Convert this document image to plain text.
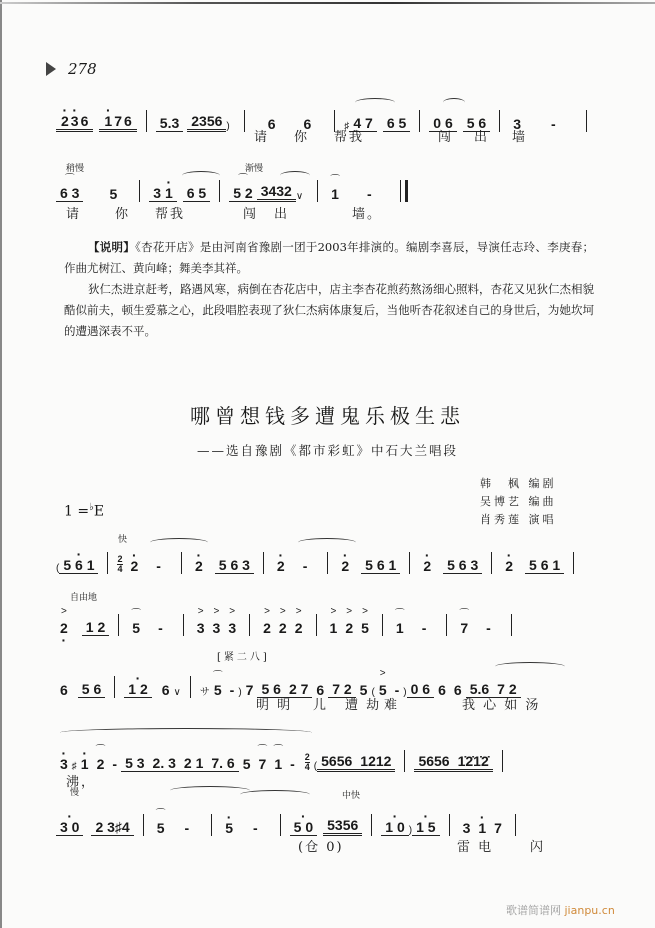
278
· 2 · 3 6	· 1 7 6	5.3 2356 )	6 6	♯ 4 7 6 5 0 6 5 6 3 -
请 你 帮我	闯 出 墙
稍慢	渐慢
⌒ 6 3 5	3 · 1 6 5 ⌒ 5 2 3432 ∨ ⌒ 1 -
请	你 帮我	闯 出	墙。
【说明】《杏花开店》是由河南省豫剧一团于2003年排演的。编剧李喜辰，导演任志玲、李庚春；作曲尤树江、黄向峰；舞美李其祥。
狄仁杰进京赶考，路遇风寒，病倒在杏花店中，店主李杏花煎药熬汤细心照料，杏花又见狄仁杰相貌酷似前夫，顿生爱慕之心，此段唱腔表现了狄仁杰病体康复后，当他听杏花叙述自己的身世后，为她坎坷的遭遇深表不平。
哪曾想钱多遭鬼乐极生悲
——选自豫剧《都市彩虹》中石大兰唱段
韩　枫 编剧
吴博艺 编曲
肖秀莲 演唱
1 =♭E
快
( · 5 6 1	2
4 · 2 - · 2 5 6 3 · 2 - · 2 5 6 1 · 2 5 6 3 · 2 5 6 1
自由地
> 2 · 1 2 ⌒ 5 - > 3 > 3 > 3 > 2 > 2 > 2 > 1 > 2 > 5 ⌒ 1 - ⌒ 7 -
[紧二八]
6 5 6 · 1 2 6 ∨ サ ⌒ 5 - ) 7 5 6 2 7 6 7 2 5 ( > 5 - ) 0 6 6 6 5.6 7 2
明 明 儿 遭 劫 难	我 心 如 汤
· 3 ♯ · 1 ⌒ 2 - 5 3 2. 3 2 1 7. 6 5 ⌒ 7 ⌒ 1 -	2
4 ( 5656 1212 5656 1̇2̇1̇2̇
沸，
慢	中快
· 3 0 2 3♯4 ⌒ 5 -	· 5 -	· 5 0 5356 · 1 0 ) · 1 5 3 · 1 7
(仓 0)	雷 电	闪
歌谱简谱网 jianpu.cn
